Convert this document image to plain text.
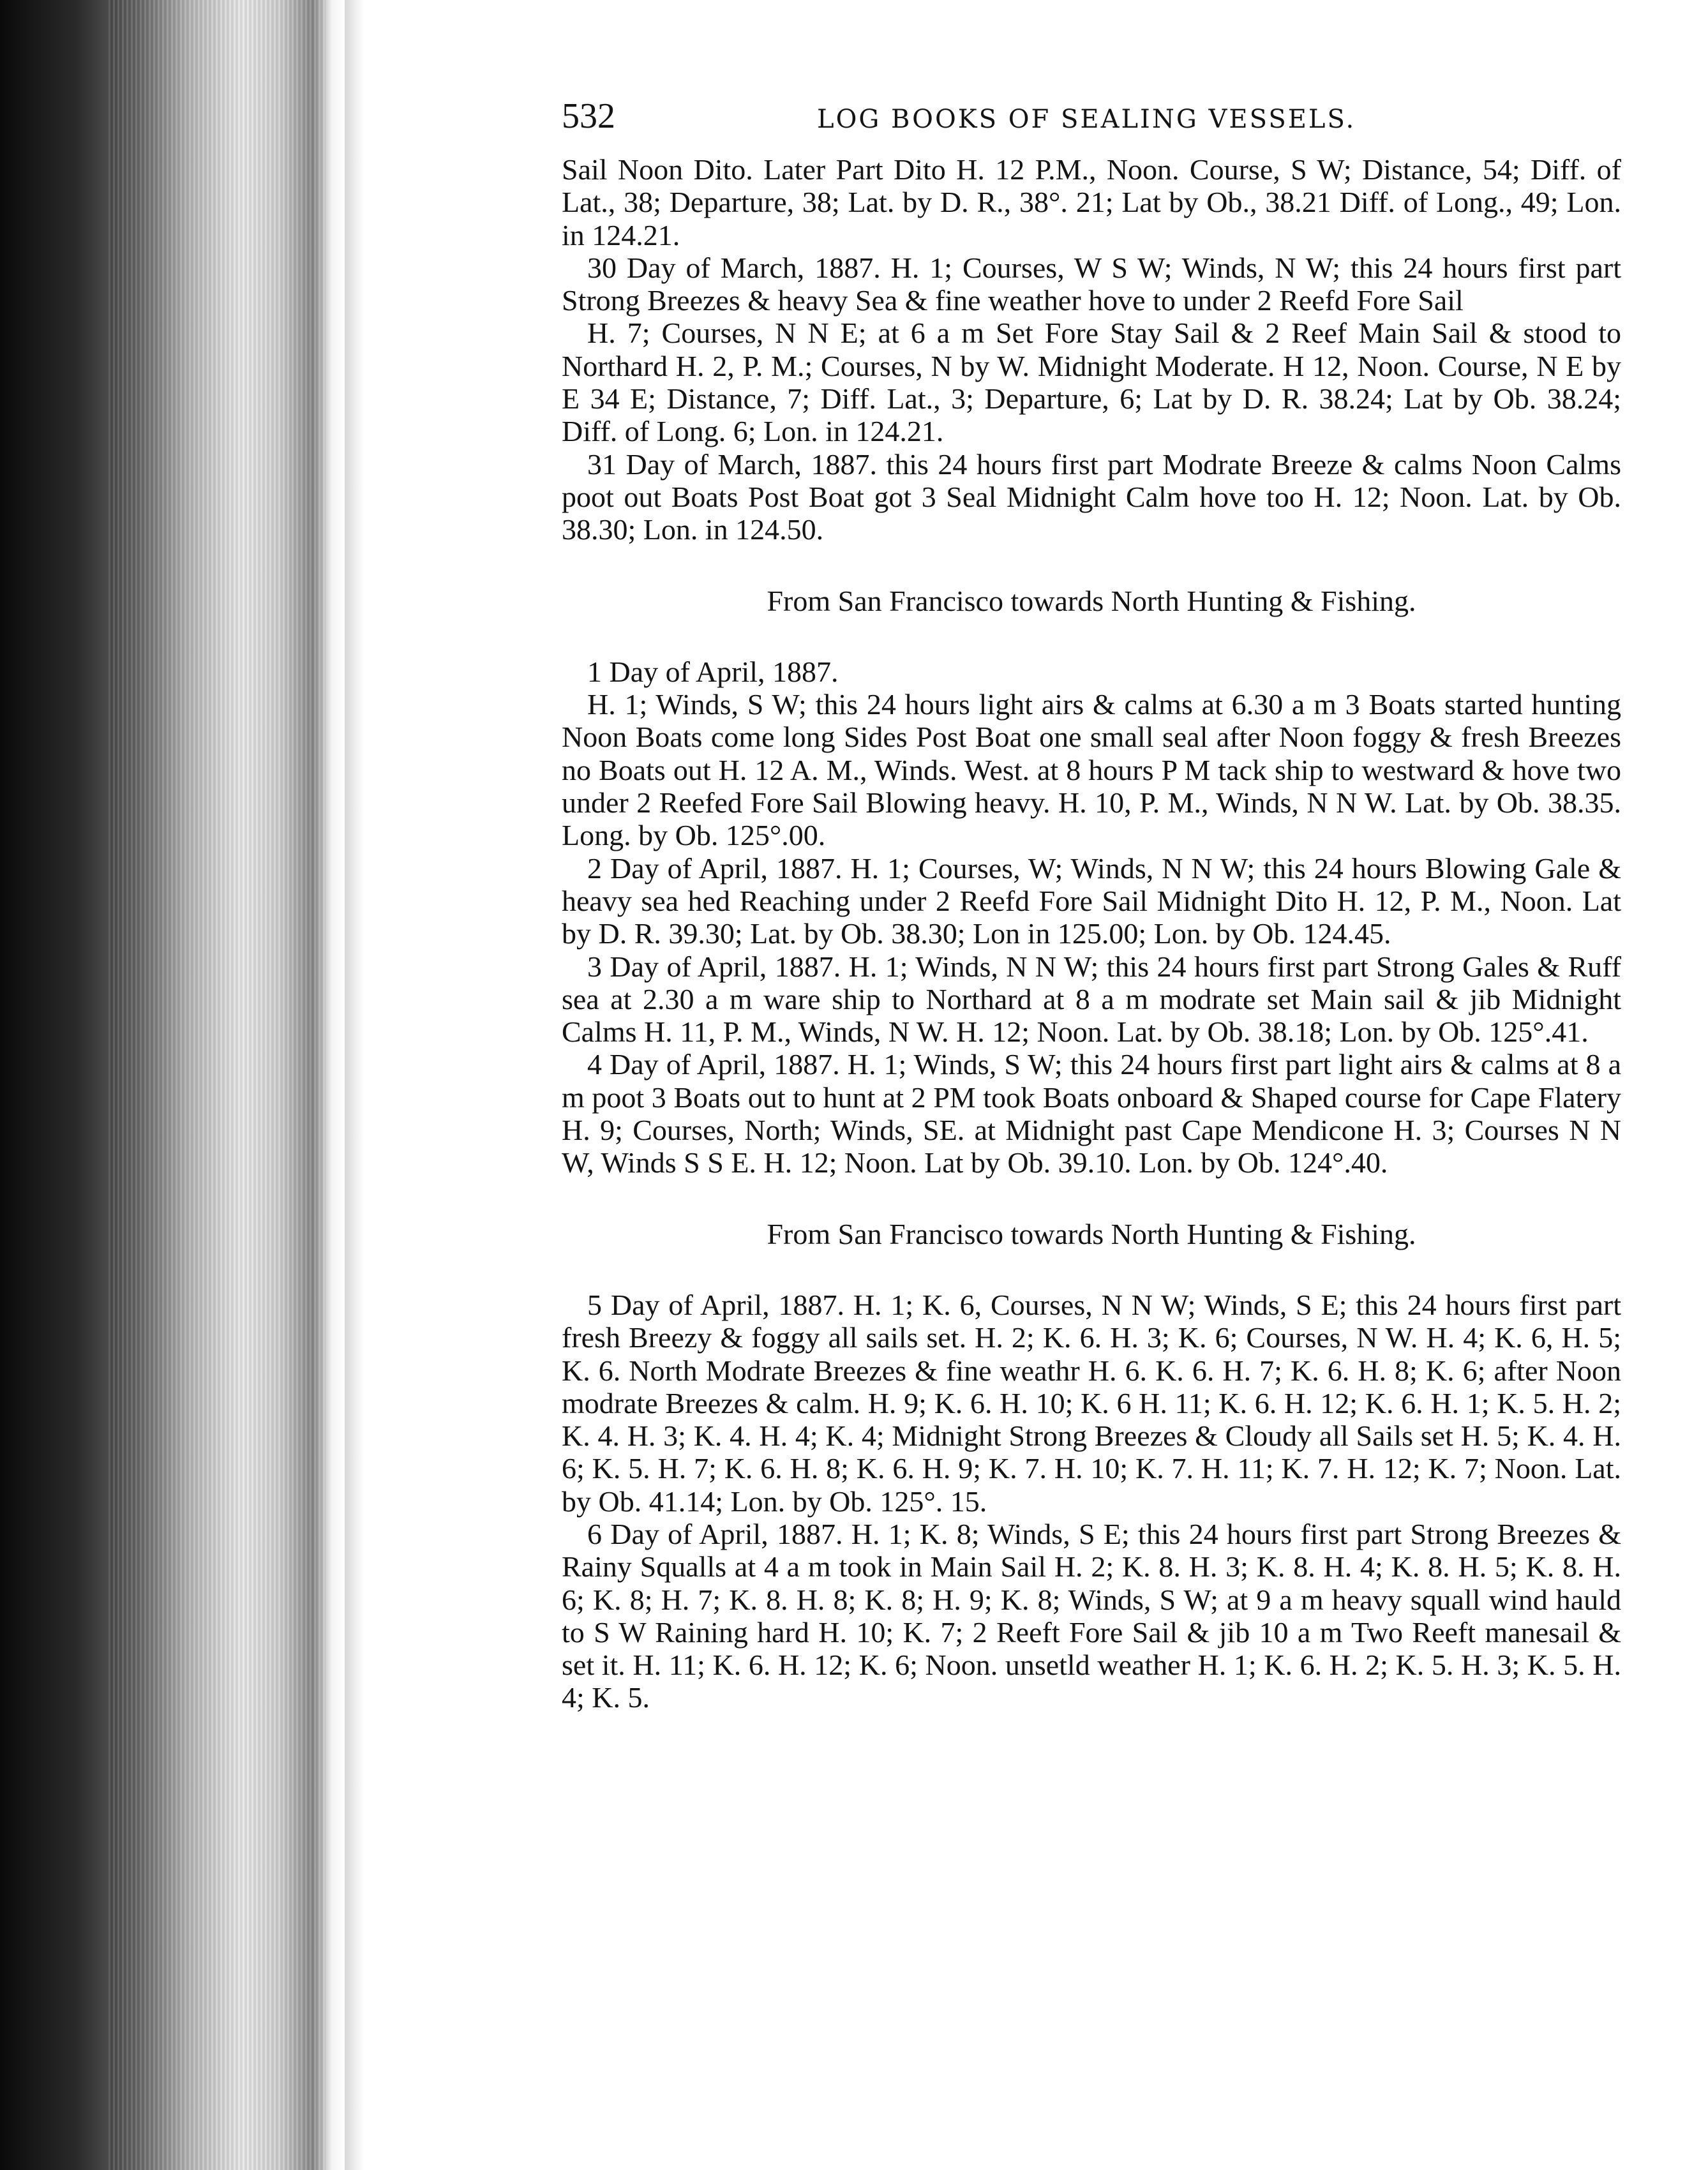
532	LOG BOOKS OF SEALING VESSELS.

Sail Noon Dito. Later Part Dito H. 12 P.M., Noon. Course, S W; Distance, 54; Diff. of Lat., 38; Departure, 38; Lat. by D. R., 38°. 21; Lat by Ob., 38.21 Diff. of Long., 49; Lon. in 124.21.

30 Day of March, 1887. H. 1; Courses, W S W; Winds, N W; this 24 hours first part Strong Breezes & heavy Sea & fine weather hove to under 2 Reefd Fore Sail

H. 7; Courses, N N E; at 6 a m Set Fore Stay Sail & 2 Reef Main Sail & stood to Northard H. 2, P. M.; Courses, N by W. Midnight Moderate. H 12, Noon. Course, N E by E 34 E; Distance, 7; Diff. Lat., 3; Departure, 6; Lat by D. R. 38.24; Lat by Ob. 38.24; Diff. of Long. 6; Lon. in 124.21.

31 Day of March, 1887. this 24 hours first part Modrate Breeze & calms Noon Calms poot out Boats Post Boat got 3 Seal Midnight Calm hove too H. 12; Noon. Lat. by Ob. 38.30; Lon. in 124.50.

From San Francisco towards North Hunting & Fishing.

1 Day of April, 1887.

H. 1; Winds, S W; this 24 hours light airs & calms at 6.30 a m 3 Boats started hunting Noon Boats come long Sides Post Boat one small seal after Noon foggy & fresh Breezes no Boats out H. 12 A. M., Winds. West. at 8 hours P M tack ship to westward & hove two under 2 Reefed Fore Sail Blowing heavy. H. 10, P. M., Winds, N N W. Lat. by Ob. 38.35. Long. by Ob. 125°.00.

2 Day of April, 1887. H. 1; Courses, W; Winds, N N W; this 24 hours Blowing Gale & heavy sea hed Reaching under 2 Reefd Fore Sail Midnight Dito H. 12, P. M., Noon. Lat by D. R. 39.30; Lat. by Ob. 38.30; Lon in 125.00; Lon. by Ob. 124.45.

3 Day of April, 1887. H. 1; Winds, N N W; this 24 hours first part Strong Gales & Ruff sea at 2.30 a m ware ship to Northard at 8 a m modrate set Main sail & jib Midnight Calms H. 11, P. M., Winds, N W. H. 12; Noon. Lat. by Ob. 38.18; Lon. by Ob. 125°.41.

4 Day of April, 1887. H. 1; Winds, S W; this 24 hours first part light airs & calms at 8 a m poot 3 Boats out to hunt at 2 PM took Boats onboard & Shaped course for Cape Flatery H. 9; Courses, North; Winds, SE. at Midnight past Cape Mendicone H. 3; Courses N N W, Winds S S E. H. 12; Noon. Lat by Ob. 39.10. Lon. by Ob. 124°.40.

From San Francisco towards North Hunting & Fishing.

5 Day of April, 1887. H. 1; K. 6, Courses, N N W; Winds, S E; this 24 hours first part fresh Breezy & foggy all sails set. H. 2; K. 6. H. 3; K. 6; Courses, N W. H. 4; K. 6, H. 5; K. 6. North Modrate Breezes & fine weathr H. 6. K. 6. H. 7; K. 6. H. 8; K. 6; after Noon modrate Breezes & calm. H. 9; K. 6. H. 10; K. 6 H. 11; K. 6. H. 12; K. 6. H. 1; K. 5. H. 2; K. 4. H. 3; K. 4. H. 4; K. 4; Midnight Strong Breezes & Cloudy all Sails set H. 5; K. 4. H. 6; K. 5. H. 7; K. 6. H. 8; K. 6. H. 9; K. 7. H. 10; K. 7. H. 11; K. 7. H. 12; K. 7; Noon. Lat. by Ob. 41.14; Lon. by Ob. 125°. 15.

6 Day of April, 1887. H. 1; K. 8; Winds, S E; this 24 hours first part Strong Breezes & Rainy Squalls at 4 a m took in Main Sail H. 2; K. 8. H. 3; K. 8. H. 4; K. 8. H. 5; K. 8. H. 6; K. 8; H. 7; K. 8. H. 8; K. 8; H. 9; K. 8; Winds, S W; at 9 a m heavy squall wind hauld to S W Raining hard H. 10; K. 7; 2 Reeft Fore Sail & jib 10 a m Two Reeft manesail & set it. H. 11; K. 6. H. 12; K. 6; Noon. unsetld weather H. 1; K. 6. H. 2; K. 5. H. 3; K. 5. H. 4; K. 5.
